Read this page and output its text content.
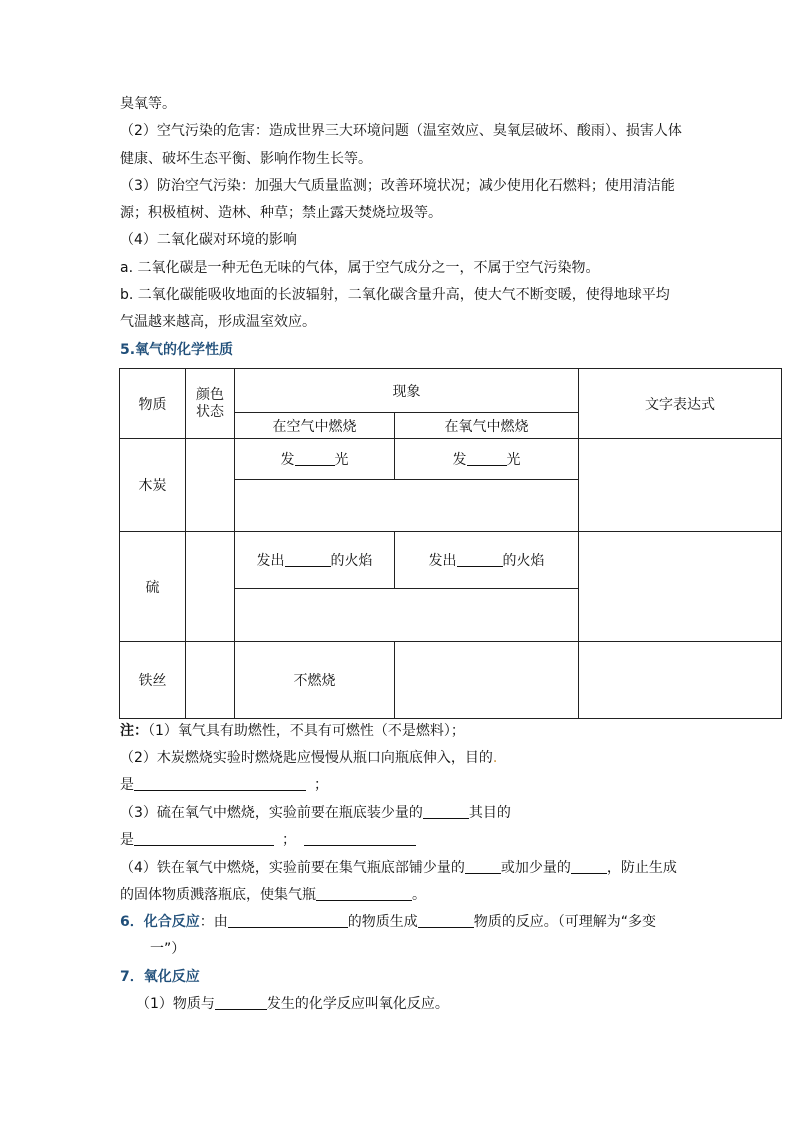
臭氧等。
（2）空气污染的危害：造成世界三大环境问题（温室效应、臭氧层破坏、酸雨）、损害人体
健康、破坏生态平衡、影响作物生长等。
（3）防治空气污染：加强大气质量监测；改善环境状况；减少使用化石燃料；使用清洁能
源；积极植树、造林、种草；禁止露天焚烧垃圾等。
（4）二氧化碳对环境的影响
a. 二氧化碳是一种无色无味的气体，属于空气成分之一，不属于空气污染物。
b. 二氧化碳能吸收地面的长波辐射，二氧化碳含量升高，使大气不断变暖，使得地球平均
气温越来越高，形成温室效应。
5.氧气的化学性质
物质	颜色
状态	现象		文字表达式
		在空气中燃烧	在氧气中燃烧	
木炭		发 光	发 光	

硫		发出 的火焰	发出 的火焰	

铁丝		不燃烧		
注：（1）氧气具有助燃性，不具有可燃性（不是燃料）；
（2）木炭燃烧实验时燃烧匙应慢慢从瓶口向瓶底伸入，目的.
是	；
（3）硫在氧气中燃烧，实验前要在瓶底装少量的	其目的
是	；
（4）铁在氧气中燃烧，实验前要在集气瓶底部铺少量的	或加少量的	，防止生成
的固体物质溅落瓶底，使集气瓶	。
6．化合反应：由	的物质生成	物质的反应。（可理解为“多变
一”）
7．氧化反应
（1）物质与	发生的化学反应叫氧化反应。
